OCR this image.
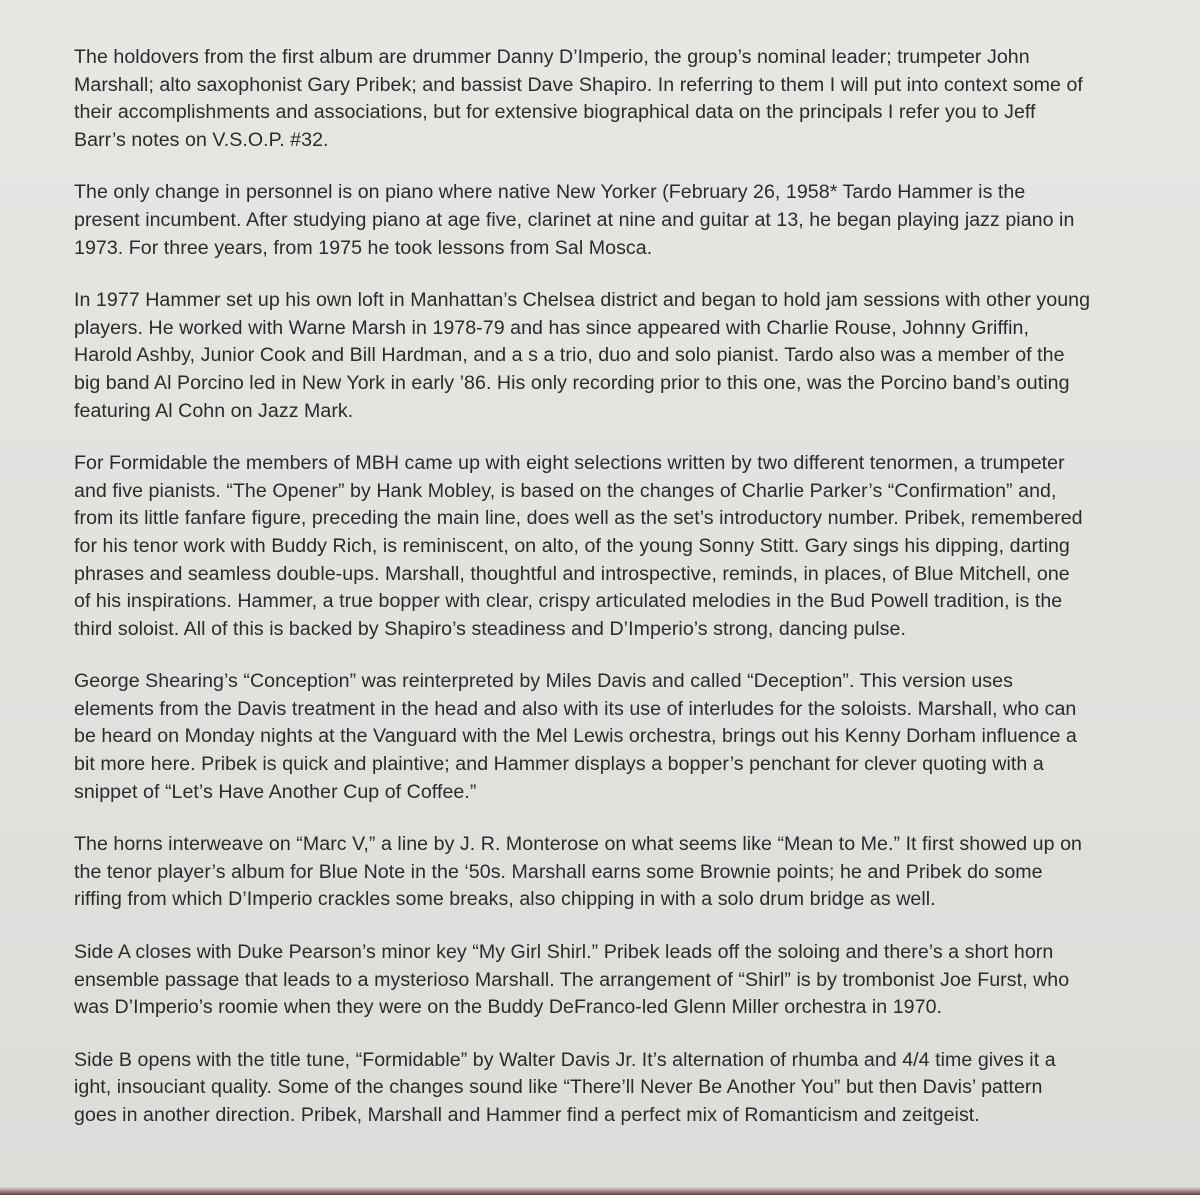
The holdovers from the first album are drummer Danny D’Imperio, the group’s nominal leader; trumpeter John
Marshall; alto saxophonist Gary Pribek; and bassist Dave Shapiro. In referring to them I will put into context some of
their accomplishments and associations, but for extensive biographical data on the principals I refer you to Jeff
Barr’s notes on V.S.O.P. #32.

The only change in personnel is on piano where native New Yorker (February 26, 1958* Tardo Hammer is the
present incumbent. After studying piano at age five, clarinet at nine and guitar at 13, he began playing jazz piano in
1973. For three years, from 1975 he took lessons from Sal Mosca.

In 1977 Hammer set up his own loft in Manhattan’s Chelsea district and began to hold jam sessions with other young
players. He worked with Warne Marsh in 1978-79 and has since appeared with Charlie Rouse, Johnny Griffin,
Harold Ashby, Junior Cook and Bill Hardman, and a s a trio, duo and solo pianist. Tardo also was a member of the
big band Al Porcino led in New York in early ’86. His only recording prior to this one, was the Porcino band’s outing
featuring Al Cohn on Jazz Mark.

For Formidable the members of MBH came up with eight selections written by two different tenormen, a trumpeter
and five pianists. “The Opener” by Hank Mobley, is based on the changes of Charlie Parker’s “Confirmation” and,
from its little fanfare figure, preceding the main line, does well as the set’s introductory number. Pribek, remembered
for his tenor work with Buddy Rich, is reminiscent, on alto, of the young Sonny Stitt. Gary sings his dipping, darting
phrases and seamless double-ups. Marshall, thoughtful and introspective, reminds, in places, of Blue Mitchell, one
of his inspirations. Hammer, a true bopper with clear, crispy articulated melodies in the Bud Powell tradition, is the
third soloist. All of this is backed by Shapiro’s steadiness and D’Imperio’s strong, dancing pulse.

George Shearing’s “Conception” was reinterpreted by Miles Davis and called “Deception”. This version uses
elements from the Davis treatment in the head and also with its use of interludes for the soloists. Marshall, who can
be heard on Monday nights at the Vanguard with the Mel Lewis orchestra, brings out his Kenny Dorham influence a
bit more here. Pribek is quick and plaintive; and Hammer displays a bopper’s penchant for clever quoting with a
snippet of “Let’s Have Another Cup of Coffee.”

The horns interweave on “Marc V,” a line by J. R. Monterose on what seems like “Mean to Me.” It first showed up on
the tenor player’s album for Blue Note in the ‘50s. Marshall earns some Brownie points; he and Pribek do some
riffing from which D’Imperio crackles some breaks, also chipping in with a solo drum bridge as well.

Side A closes with Duke Pearson’s minor key “My Girl Shirl.” Pribek leads off the soloing and there’s a short horn
ensemble passage that leads to a mysterioso Marshall. The arrangement of “Shirl” is by trombonist Joe Furst, who
was D’Imperio’s roomie when they were on the Buddy DeFranco-led Glenn Miller orchestra in 1970.

Side B opens with the title tune, “Formidable” by Walter Davis Jr. It’s alternation of rhumba and 4/4 time gives it a
ight, insouciant quality. Some of the changes sound like “There’ll Never Be Another You” but then Davis’ pattern
goes in another direction. Pribek, Marshall and Hammer find a perfect mix of Romanticism and zeitgeist.
